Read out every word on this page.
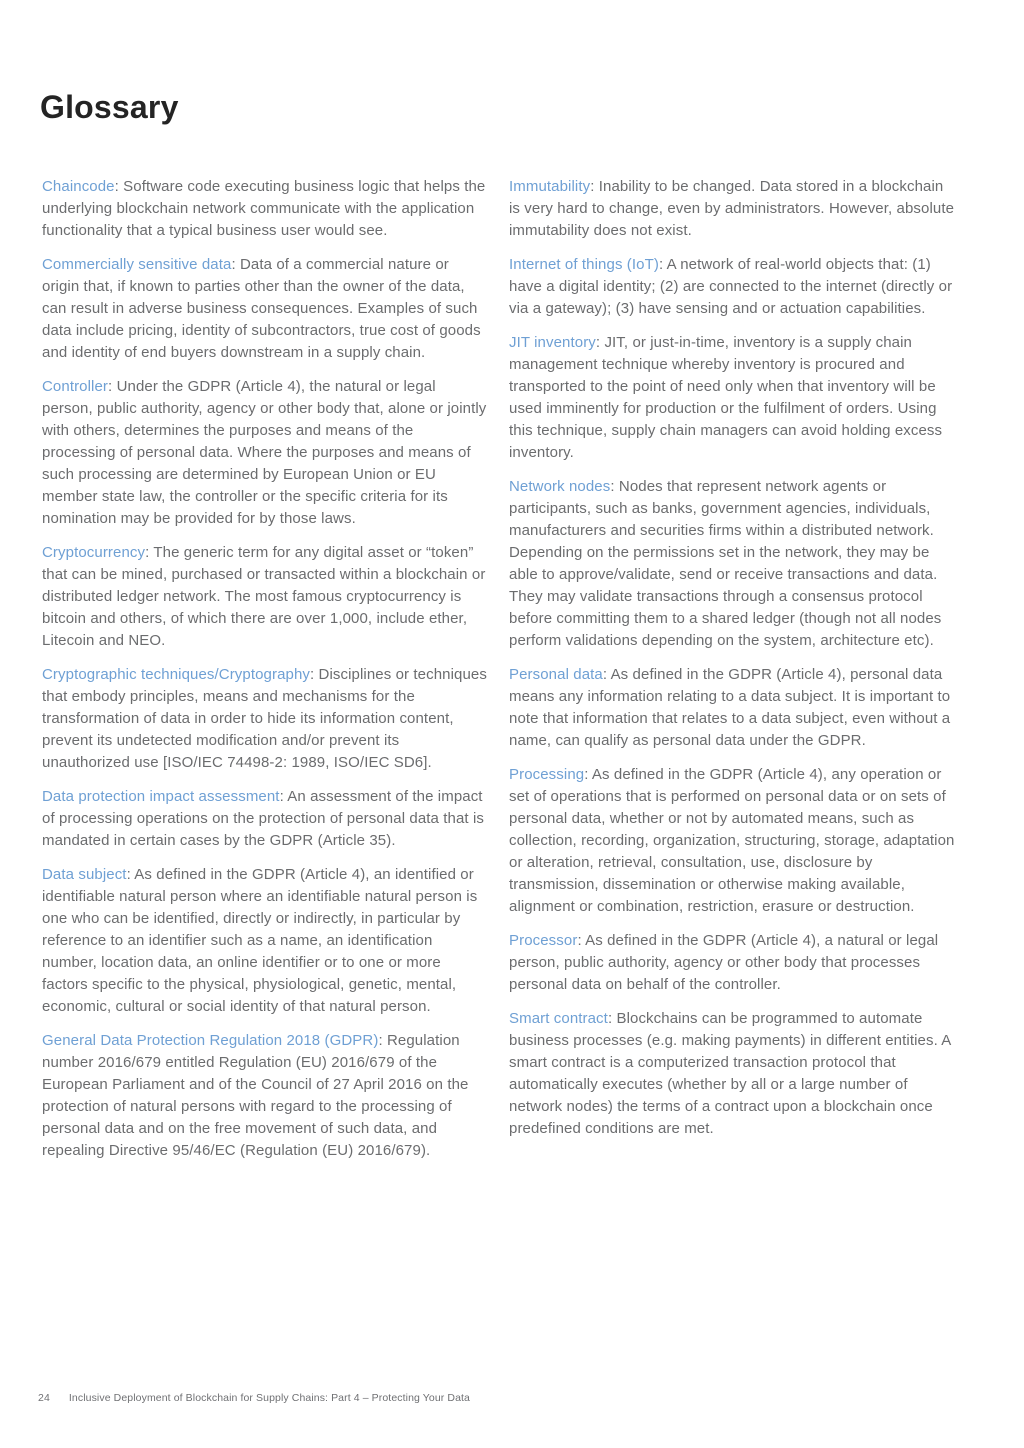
Glossary

Chaincode: Software code executing business logic that helps the underlying blockchain network communicate with the application functionality that a typical business user would see.

Commercially sensitive data: Data of a commercial nature or origin that, if known to parties other than the owner of the data, can result in adverse business consequences. Examples of such data include pricing, identity of subcontractors, true cost of goods and identity of end buyers downstream in a supply chain.

Controller: Under the GDPR (Article 4), the natural or legal person, public authority, agency or other body that, alone or jointly with others, determines the purposes and means of the processing of personal data. Where the purposes and means of such processing are determined by European Union or EU member state law, the controller or the specific criteria for its nomination may be provided for by those laws.

Cryptocurrency: The generic term for any digital asset or “token” that can be mined, purchased or transacted within a blockchain or distributed ledger network. The most famous cryptocurrency is bitcoin and others, of which there are over 1,000, include ether, Litecoin and NEO.

Cryptographic techniques/Cryptography: Disciplines or techniques that embody principles, means and mechanisms for the transformation of data in order to hide its information content, prevent its undetected modification and/or prevent its unauthorized use [ISO/IEC 74498-2: 1989, ISO/IEC SD6].

Data protection impact assessment: An assessment of the impact of processing operations on the protection of personal data that is mandated in certain cases by the GDPR (Article 35).

Data subject: As defined in the GDPR (Article 4), an identified or identifiable natural person where an identifiable natural person is one who can be identified, directly or indirectly, in particular by reference to an identifier such as a name, an identification number, location data, an online identifier or to one or more factors specific to the physical, physiological, genetic, mental, economic, cultural or social identity of that natural person.

General Data Protection Regulation 2018 (GDPR): Regulation number 2016/679 entitled Regulation (EU) 2016/679 of the European Parliament and of the Council of 27 April 2016 on the protection of natural persons with regard to the processing of personal data and on the free movement of such data, and repealing Directive 95/46/EC (Regulation (EU) 2016/679).

Immutability: Inability to be changed. Data stored in a blockchain is very hard to change, even by administrators. However, absolute immutability does not exist.

Internet of things (IoT): A network of real-world objects that: (1) have a digital identity; (2) are connected to the internet (directly or via a gateway); (3) have sensing and or actuation capabilities.

JIT inventory: JIT, or just-in-time, inventory is a supply chain management technique whereby inventory is procured and transported to the point of need only when that inventory will be used imminently for production or the fulfilment of orders. Using this technique, supply chain managers can avoid holding excess inventory.

Network nodes: Nodes that represent network agents or participants, such as banks, government agencies, individuals, manufacturers and securities firms within a distributed network. Depending on the permissions set in the network, they may be able to approve/validate, send or receive transactions and data. They may validate transactions through a consensus protocol before committing them to a shared ledger (though not all nodes perform validations depending on the system, architecture etc).

Personal data: As defined in the GDPR (Article 4), personal data means any information relating to a data subject. It is important to note that information that relates to a data subject, even without a name, can qualify as personal data under the GDPR.

Processing: As defined in the GDPR (Article 4), any operation or set of operations that is performed on personal data or on sets of personal data, whether or not by automated means, such as collection, recording, organization, structuring, storage, adaptation or alteration, retrieval, consultation, use, disclosure by transmission, dissemination or otherwise making available, alignment or combination, restriction, erasure or destruction.

Processor: As defined in the GDPR (Article 4), a natural or legal person, public authority, agency or other body that processes personal data on behalf of the controller.

Smart contract: Blockchains can be programmed to automate business processes (e.g. making payments) in different entities. A smart contract is a computerized transaction protocol that automatically executes (whether by all or a large number of network nodes) the terms of a contract upon a blockchain once predefined conditions are met.

24 Inclusive Deployment of Blockchain for Supply Chains: Part 4 – Protecting Your Data
